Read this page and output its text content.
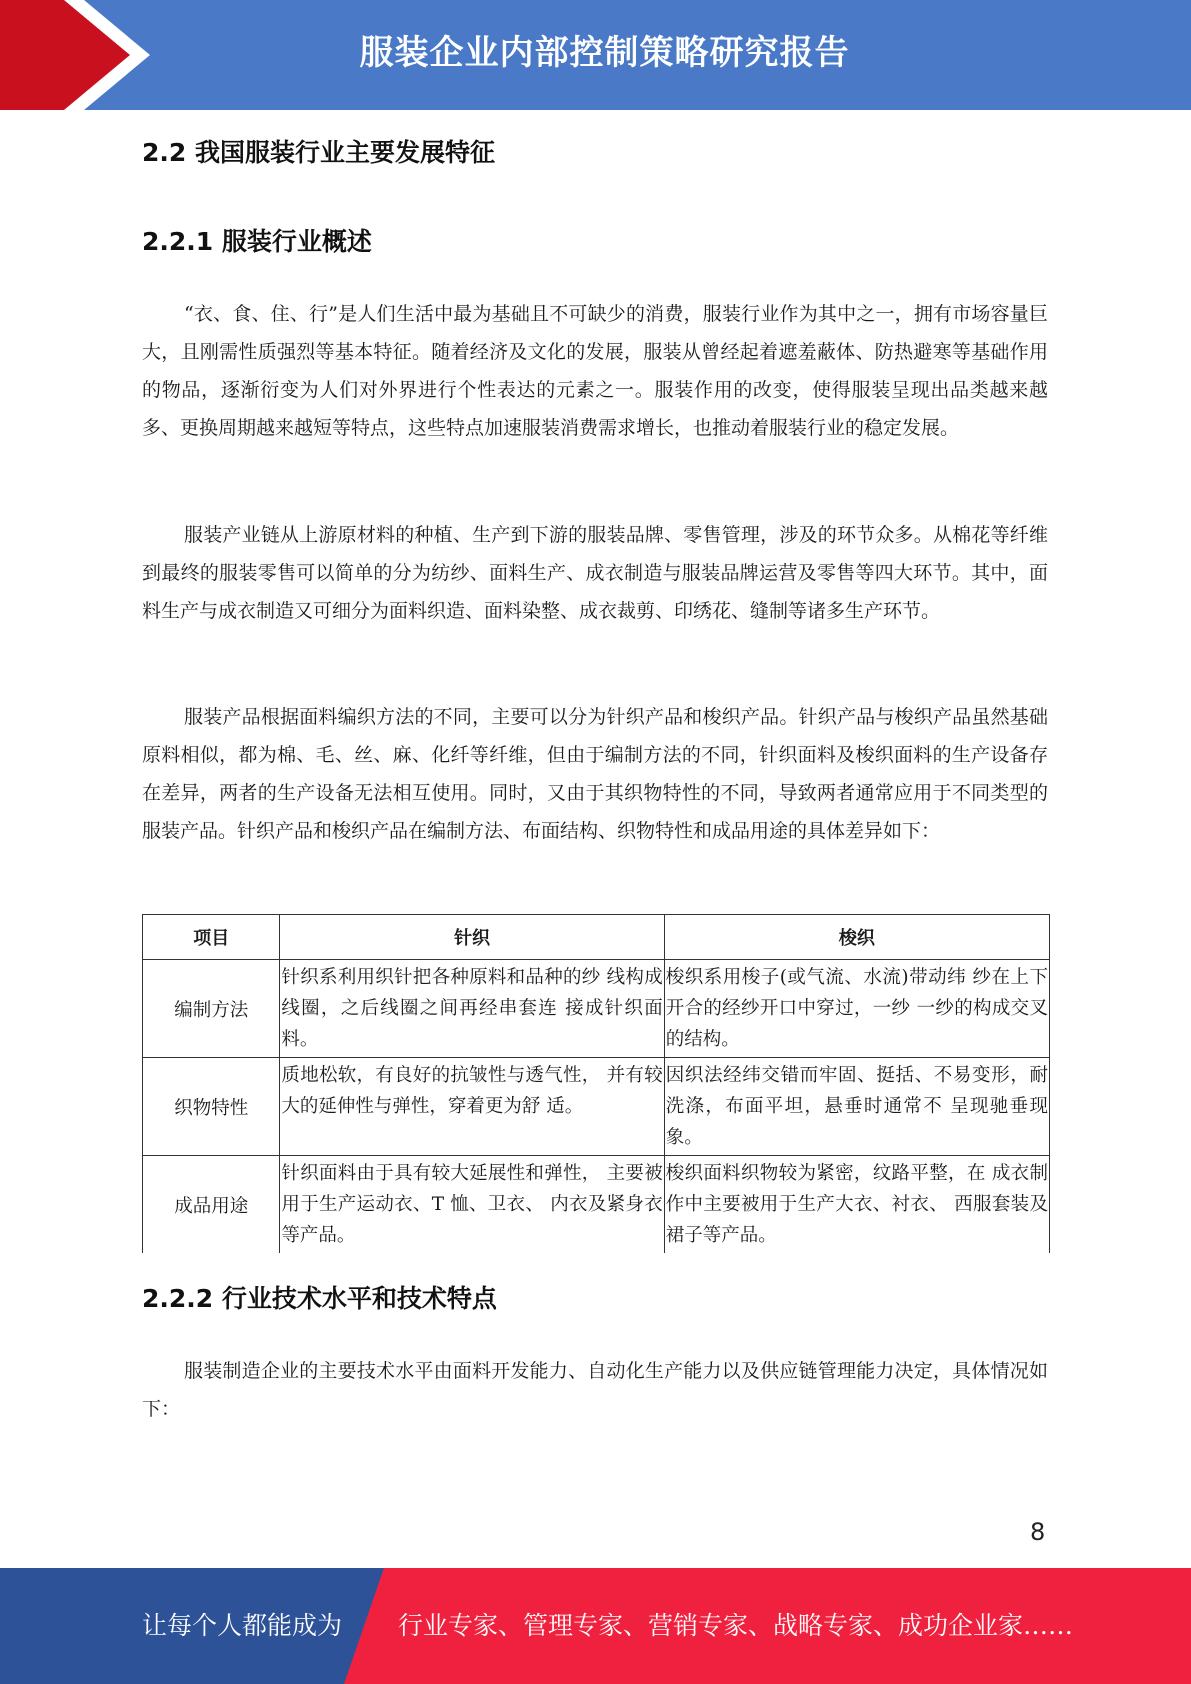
服装企业内部控制策略研究报告
2.2 我国服装行业主要发展特征
2.2.1 服装行业概述

“衣、食、住、行”是人们生活中最为基础且不可缺少的消费，服装行业作为其中之一，拥有市场容量巨大，且刚需性质强烈等基本特征。随着经济及文化的发展，服装从曾经起着遮羞蔽体、防热避寒等基础作用的物品，逐渐衍变为人们对外界进行个性表达的元素之一。服装作用的改变，使得服装呈现出品类越来越多、更换周期越来越短等特点，这些特点加速服装消费需求增长，也推动着服装行业的稳定发展。

服装产业链从上游原材料的种植、生产到下游的服装品牌、零售管理，涉及的环节众多。从棉花等纤维到最终的服装零售可以简单的分为纺纱、面料生产、成衣制造与服装品牌运营及零售等四大环节。其中，面料生产与成衣制造又可细分为面料织造、面料染整、成衣裁剪、印绣花、缝制等诸多生产环节。

服装产品根据面料编织方法的不同，主要可以分为针织产品和梭织产品。针织产品与梭织产品虽然基础原料相似，都为棉、毛、丝、麻、化纤等纤维，但由于编制方法的不同，针织面料及梭织面料的生产设备存在差异，两者的生产设备无法相互使用。同时，又由于其织物特性的不同，导致两者通常应用于不同类型的服装产品。针织产品和梭织产品在编制方法、布面结构、织物特性和成品用途的具体差异如下：

项目	针织	梭织
编制方法	针织系利用织针把各种原料和品种的纱 线构成线圈，之后线圈之间再经串套连 接成针织面料。	梭织系用梭子(或气流、水流)带动纬 纱在上下开合的经纱开口中穿过，一纱 一纱的构成交叉的结构。
织物特性	质地松软，有良好的抗皱性与透气性， 并有较大的延伸性与弹性，穿着更为舒 适。	因织法经纬交错而牢固、挺括、不易变形，耐洗涤，布面平坦，悬垂时通常不 呈现驰垂现象。
成品用途	针织面料由于具有较大延展性和弹性， 主要被用于生产运动衣、T 恤、卫衣、 内衣及紧身衣等产品。	梭织面料织物较为紧密，纹路平整，在 成衣制作中主要被用于生产大衣、衬衣、 西服套装及裙子等产品。
2.2.2 行业技术水平和技术特点

服装制造企业的主要技术水平由面料开发能力、自动化生产能力以及供应链管理能力决定，具体情况如下：

8
让每个人都能成为 行业专家、管理专家、营销专家、战略专家、成功企业家……
